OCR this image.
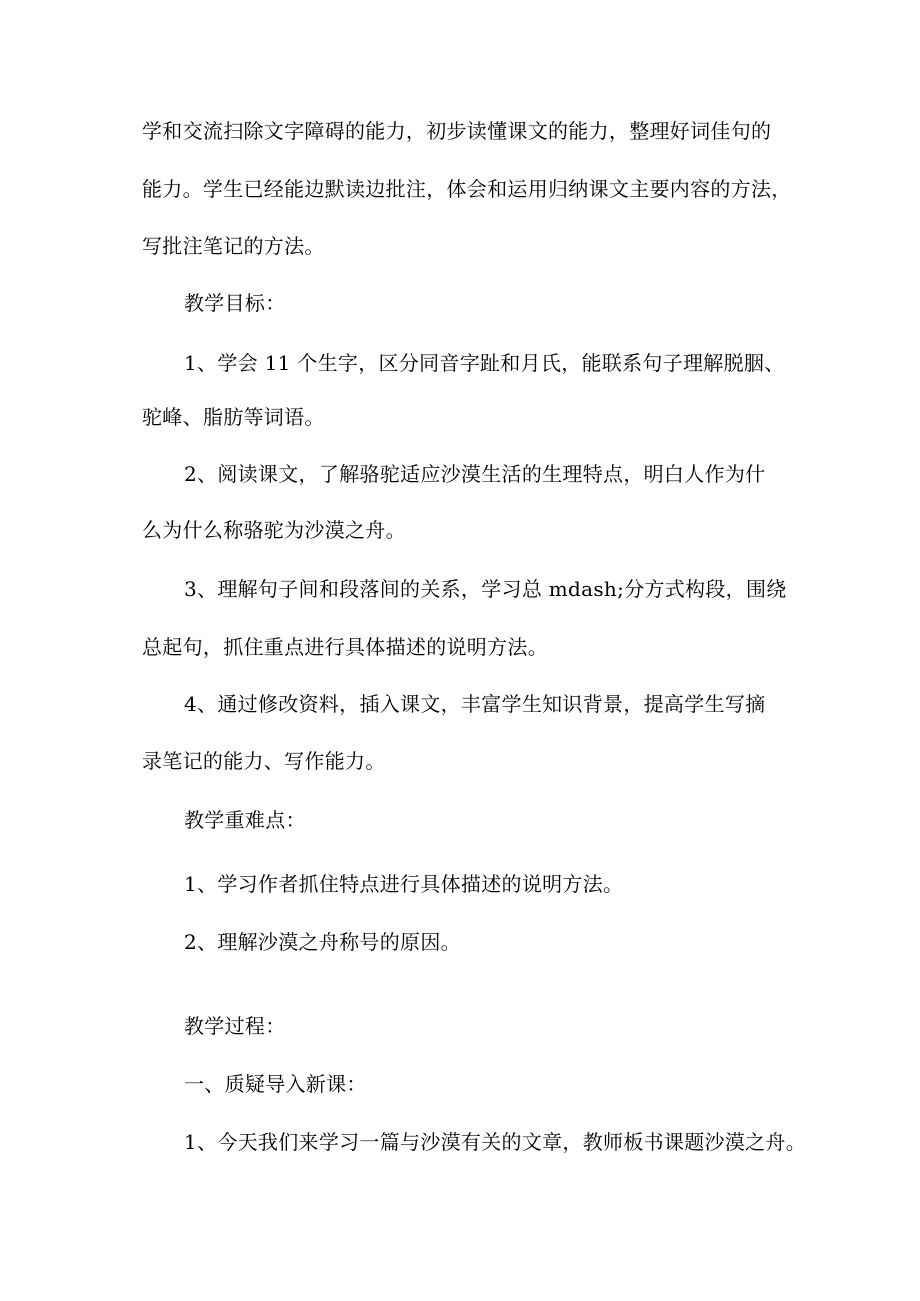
学和交流扫除文字障碍的能力，初步读懂课文的能力，整理好词佳句的
能力。学生已经能边默读边批注，体会和运用归纳课文主要内容的方法，
写批注笔记的方法。
教学目标：
1、学会 11 个生字，区分同音字趾和月氏，能联系句子理解脱胭、
驼峰、脂肪等词语。
2、阅读课文，了解骆驼适应沙漠生活的生理特点，明白人作为什
么为什么称骆驼为沙漠之舟。
3、理解句子间和段落间的关系，学习总 mdash;分方式构段，围绕
总起句，抓住重点进行具体描述的说明方法。
4、通过修改资料，插入课文，丰富学生知识背景，提高学生写摘
录笔记的能力、写作能力。
教学重难点：
1、学习作者抓住特点进行具体描述的说明方法。
2、理解沙漠之舟称号的原因。
教学过程：
一、质疑导入新课：
1、今天我们来学习一篇与沙漠有关的文章，教师板书课题沙漠之舟。
